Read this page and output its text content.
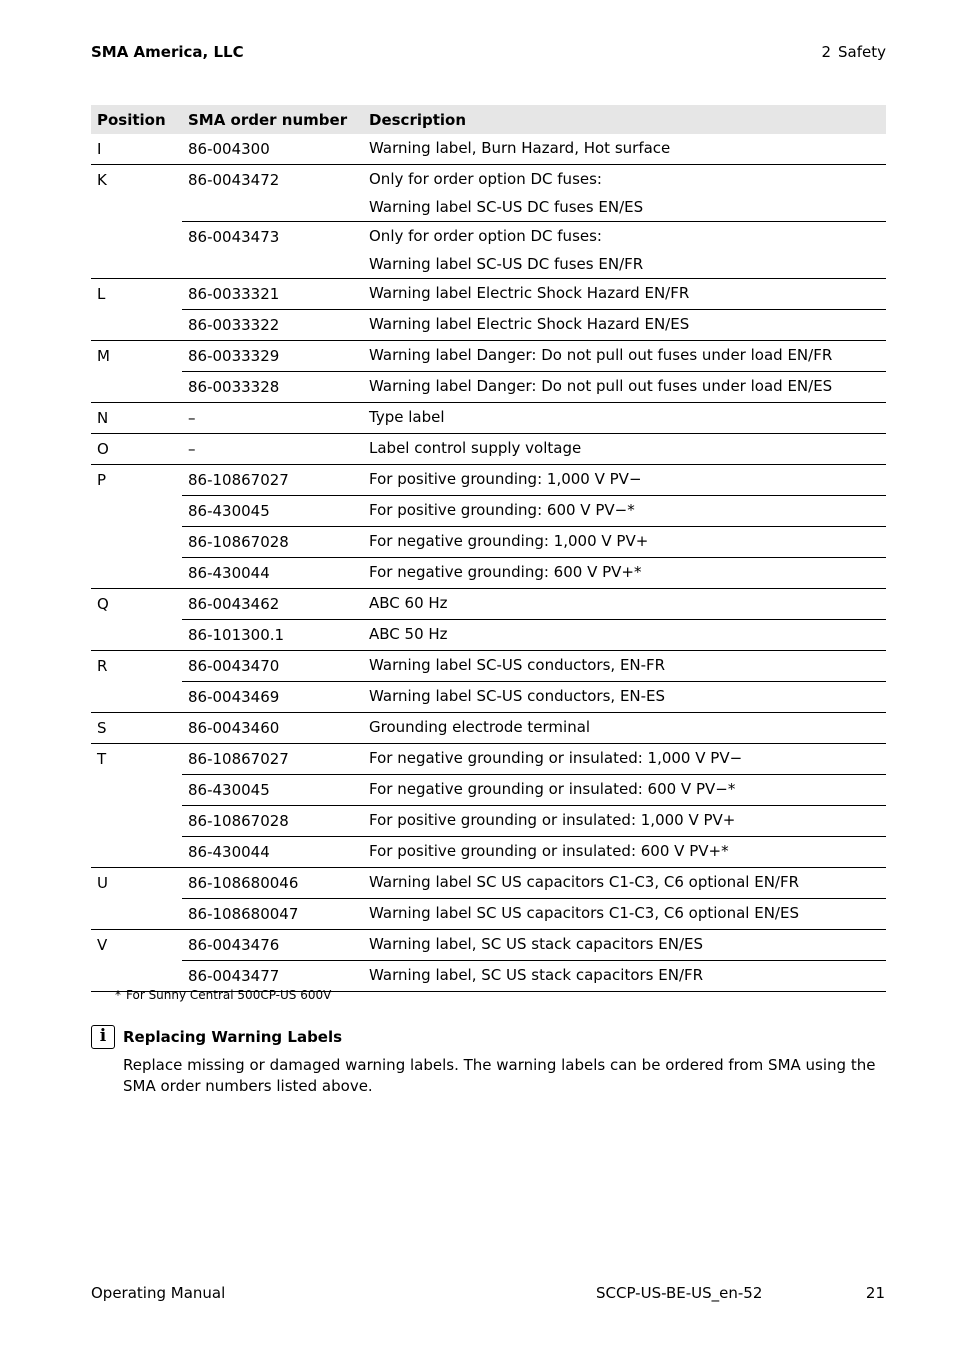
SMA America, LLC	2 Safety
Position	SMA order number	Description
I	86-004300	Warning label, Burn Hazard, Hot surface

K	86-0043472	Only for order option DC fuses:
Warning label SC-US DC fuses EN/ES

	86-0043473	Only for order option DC fuses:
Warning label SC-US DC fuses EN/FR

L	86-0033321	Warning label Electric Shock Hazard EN/FR

	86-0033322	Warning label Electric Shock Hazard EN/ES

M	86-0033329	Warning label Danger: Do not pull out fuses under load EN/FR

	86-0033328	Warning label Danger: Do not pull out fuses under load EN/ES

N	–	Type label

O	–	Label control supply voltage

P	86-10867027	For positive grounding: 1,000 V PV−

	86-430045	For positive grounding: 600 V PV−*

	86-10867028	For negative grounding: 1,000 V PV+

	86-430044	For negative grounding: 600 V PV+*

Q	86-0043462	ABC 60 Hz

	86-101300.1	ABC 50 Hz

R	86-0043470	Warning label SC-US conductors, EN-FR

	86-0043469	Warning label SC-US conductors, EN-ES

S	86-0043460	Grounding electrode terminal

T	86-10867027	For negative grounding or insulated: 1,000 V PV−

	86-430045	For negative grounding or insulated: 600 V PV−*

	86-10867028	For positive grounding or insulated: 1,000 V PV+

	86-430044	For positive grounding or insulated: 600 V PV+*

U	86-108680046	Warning label SC US capacitors C1-C3, C6 optional EN/FR

	86-108680047	Warning label SC US capacitors C1-C3, C6 optional EN/ES

V	86-0043476	Warning label, SC US stack capacitors EN/ES

	86-0043477	Warning label, SC US stack capacitors EN/FR
* For Sunny Central 500CP-US 600V
i	Replacing Warning Labels
Replace missing or damaged warning labels. The warning labels can be ordered from SMA using the SMA order numbers listed above.
Operating Manual	SCCP-US-BE-US_en-52	21
